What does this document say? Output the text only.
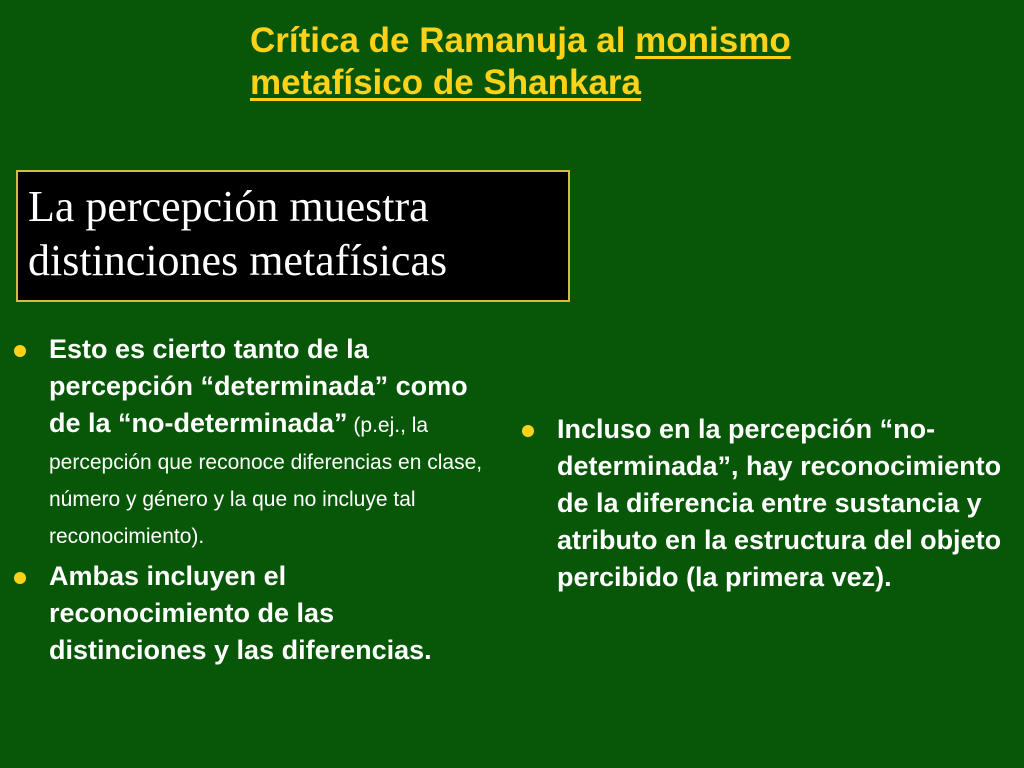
Crítica de Ramanuja al monismo
metafísico de Shankara
La percepción muestra
distinciones metafísicas
Esto es cierto tanto de la percepción “determinada” como de la “no-determinada” (p.ej., la percepción que reconoce diferencias en clase, número y género y la que no incluye tal reconocimiento).
Ambas incluyen el reconocimiento de las distinciones y las diferencias.
Incluso en la percepción “no-determinada”, hay reconocimiento de la diferencia entre sustancia y atributo en la estructura del objeto percibido (la primera vez).
